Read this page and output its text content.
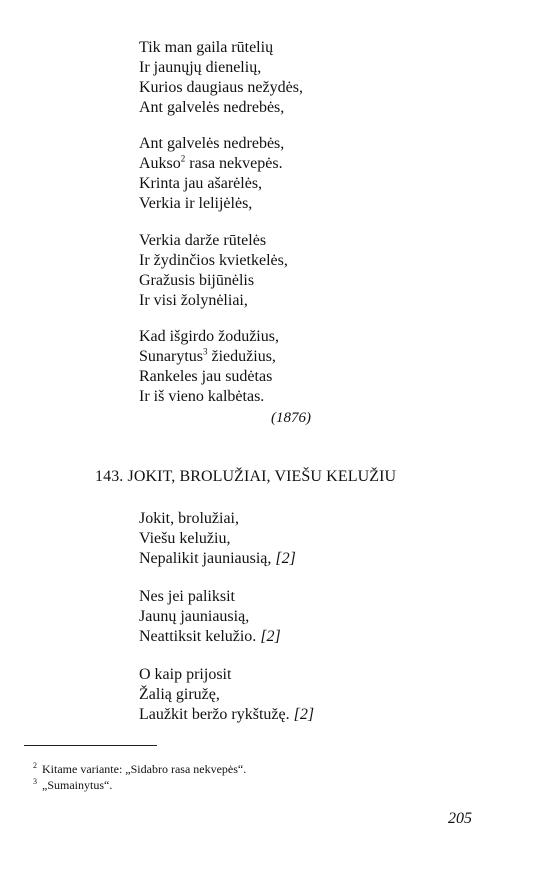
Tik man gaila rūtelių
Ir jaunųjų dienelių,
Kurios daugiaus nežydės,
Ant galvelės nedrebės,
Ant galvelės nedrebės,
Aukso$^2$ rasa nekvepės.
Krinta jau ašarėlės,
Verkia ir lelijėlės,
Verkia darže rūtelės
Ir žydinčios kvietkelės,
Gražusis bijūnėlis
Ir visi žolynėliai,
Kad išgirdo žodužius,
Sunarytus$^3$ žiedužius,
Rankeles jau sudėtas
Ir iš vieno kalbėtas.
(1876)
143. JOKIT, BROLUŽIAI, VIEŠU KELUŽIU
Jokit, brolužiai,
Viešu kelužiu,
Nepalikit jauniausią, [2]
Nes jei paliksit
Jaunų jauniausią,
Neattiksit kelužio. [2]
O kaip prijosit
Žalią giružę,
Laužkit beržo rykštužę. [2]
$^2$ Kitame variante: „Sidabro rasa nekvepės“.
$^3$ „Sumainytus“.
205
